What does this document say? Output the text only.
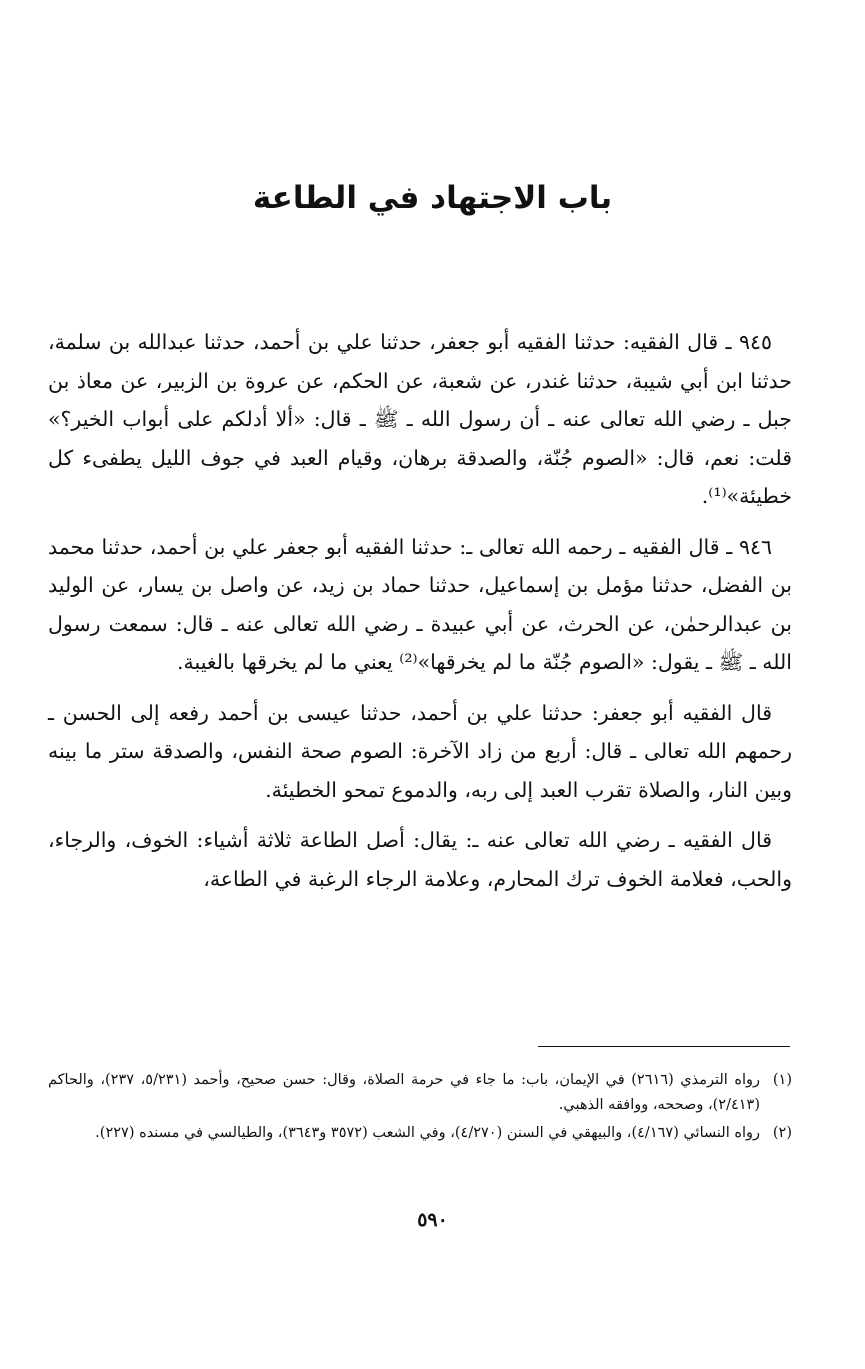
باب الاجتهاد في الطاعة

٩٤٥ ـ قال الفقيه: حدثنا الفقيه أبو جعفر، حدثنا علي بن أحمد، حدثنا عبدالله بن سلمة، حدثنا ابن أبي شيبة، حدثنا غندر، عن شعبة، عن الحكم، عن عروة بن الزبير، عن معاذ بن جبل ـ رضي الله تعالى عنه ـ أن رسول الله ـ ﷺ ـ قال: «ألا أدلكم على أبواب الخير؟» قلت: نعم، قال: «الصوم جُنّة، والصدقة برهان، وقيام العبد في جوف الليل يطفىء كل خطيئة»⁽¹⁾.

٩٤٦ ـ قال الفقيه ـ رحمه الله تعالى ـ: حدثنا الفقيه أبو جعفر علي بن أحمد، حدثنا محمد بن الفضل، حدثنا مؤمل بن إسماعيل، حدثنا حماد بن زيد، عن واصل بن يسار، عن الوليد بن عبدالرحمٰن، عن الحرث، عن أبي عبيدة ـ رضي الله تعالى عنه ـ قال: سمعت رسول الله ـ ﷺ ـ يقول: «الصوم جُنّة ما لم يخرقها»⁽²⁾ يعني ما لم يخرقها بالغيبة.

قال الفقيه أبو جعفر: حدثنا علي بن أحمد، حدثنا عيسى بن أحمد رفعه إلى الحسن ـ رحمهم الله تعالى ـ قال: أربع من زاد الآخرة: الصوم صحة النفس، والصدقة ستر ما بينه وبين النار، والصلاة تقرب العبد إلى ربه، والدموع تمحو الخطيئة.

قال الفقيه ـ رضي الله تعالى عنه ـ: يقال: أصل الطاعة ثلاثة أشياء: الخوف، والرجاء، والحب، فعلامة الخوف ترك المحارم، وعلامة الرجاء الرغبة في الطاعة،

(١)
رواه الترمذي (٢٦١٦) في الإيمان، باب: ما جاء في حرمة الصلاة، وقال: حسن صحيح، وأحمد (٥/٢٣١، ٢٣٧)، والحاكم (٢/٤١٣)، وصححه، ووافقه الذهبي.

(٢)
رواه النسائي (٤/١٦٧)، والبيهقي في السنن (٤/٢٧٠)، وفي الشعب (٣٥٧٢ و٣٦٤٣)، والطيالسي في مسنده (٢٢٧).

٥٩٠
